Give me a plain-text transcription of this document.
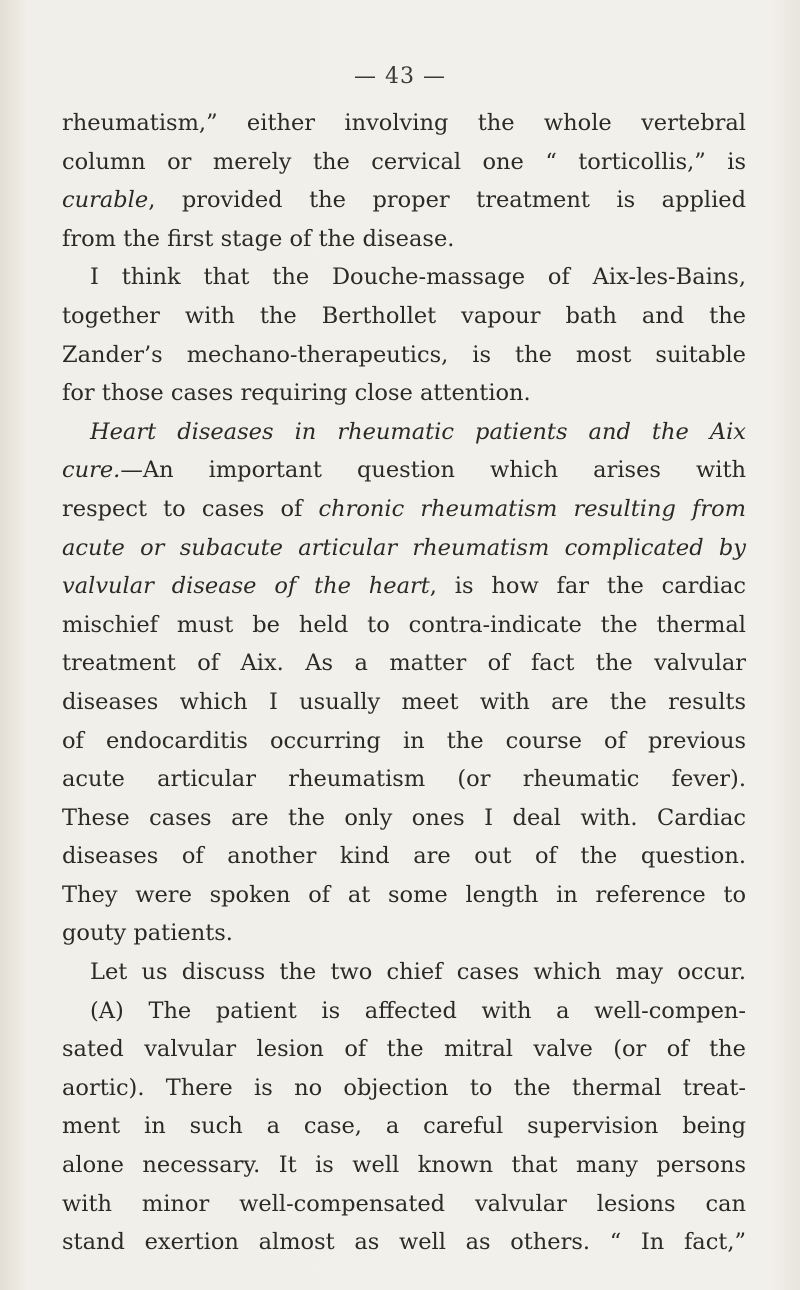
— 43 —
rheumatism,” either involving the whole vertebral
column or merely the cervical one “ torticollis,” is
curable, provided the proper treatment is applied
from the first stage of the disease.
I think that the Douche-massage of Aix-les-Bains,
together with the Berthollet vapour bath and the
Zander’s mechano-therapeutics, is the most suitable
for those cases requiring close attention.
Heart diseases in rheumatic patients and the Aix
cure.—An important question which arises with
respect to cases of chronic rheumatism resulting from
acute or subacute articular rheumatism complicated by
valvular disease of the heart, is how far the cardiac
mischief must be held to contra-indicate the thermal
treatment of Aix. As a matter of fact the valvular
diseases which I usually meet with are the results
of endocarditis occurring in the course of previous
acute articular rheumatism (or rheumatic fever).
These cases are the only ones I deal with. Cardiac
diseases of another kind are out of the question.
They were spoken of at some length in reference to
gouty patients.
Let us discuss the two chief cases which may occur.
(A) The patient is affected with a well-compen-
sated valvular lesion of the mitral valve (or of the
aortic). There is no objection to the thermal treat-
ment in such a case, a careful supervision being
alone necessary. It is well known that many persons
with minor well-compensated valvular lesions can
stand exertion almost as well as others. “ In fact,”
